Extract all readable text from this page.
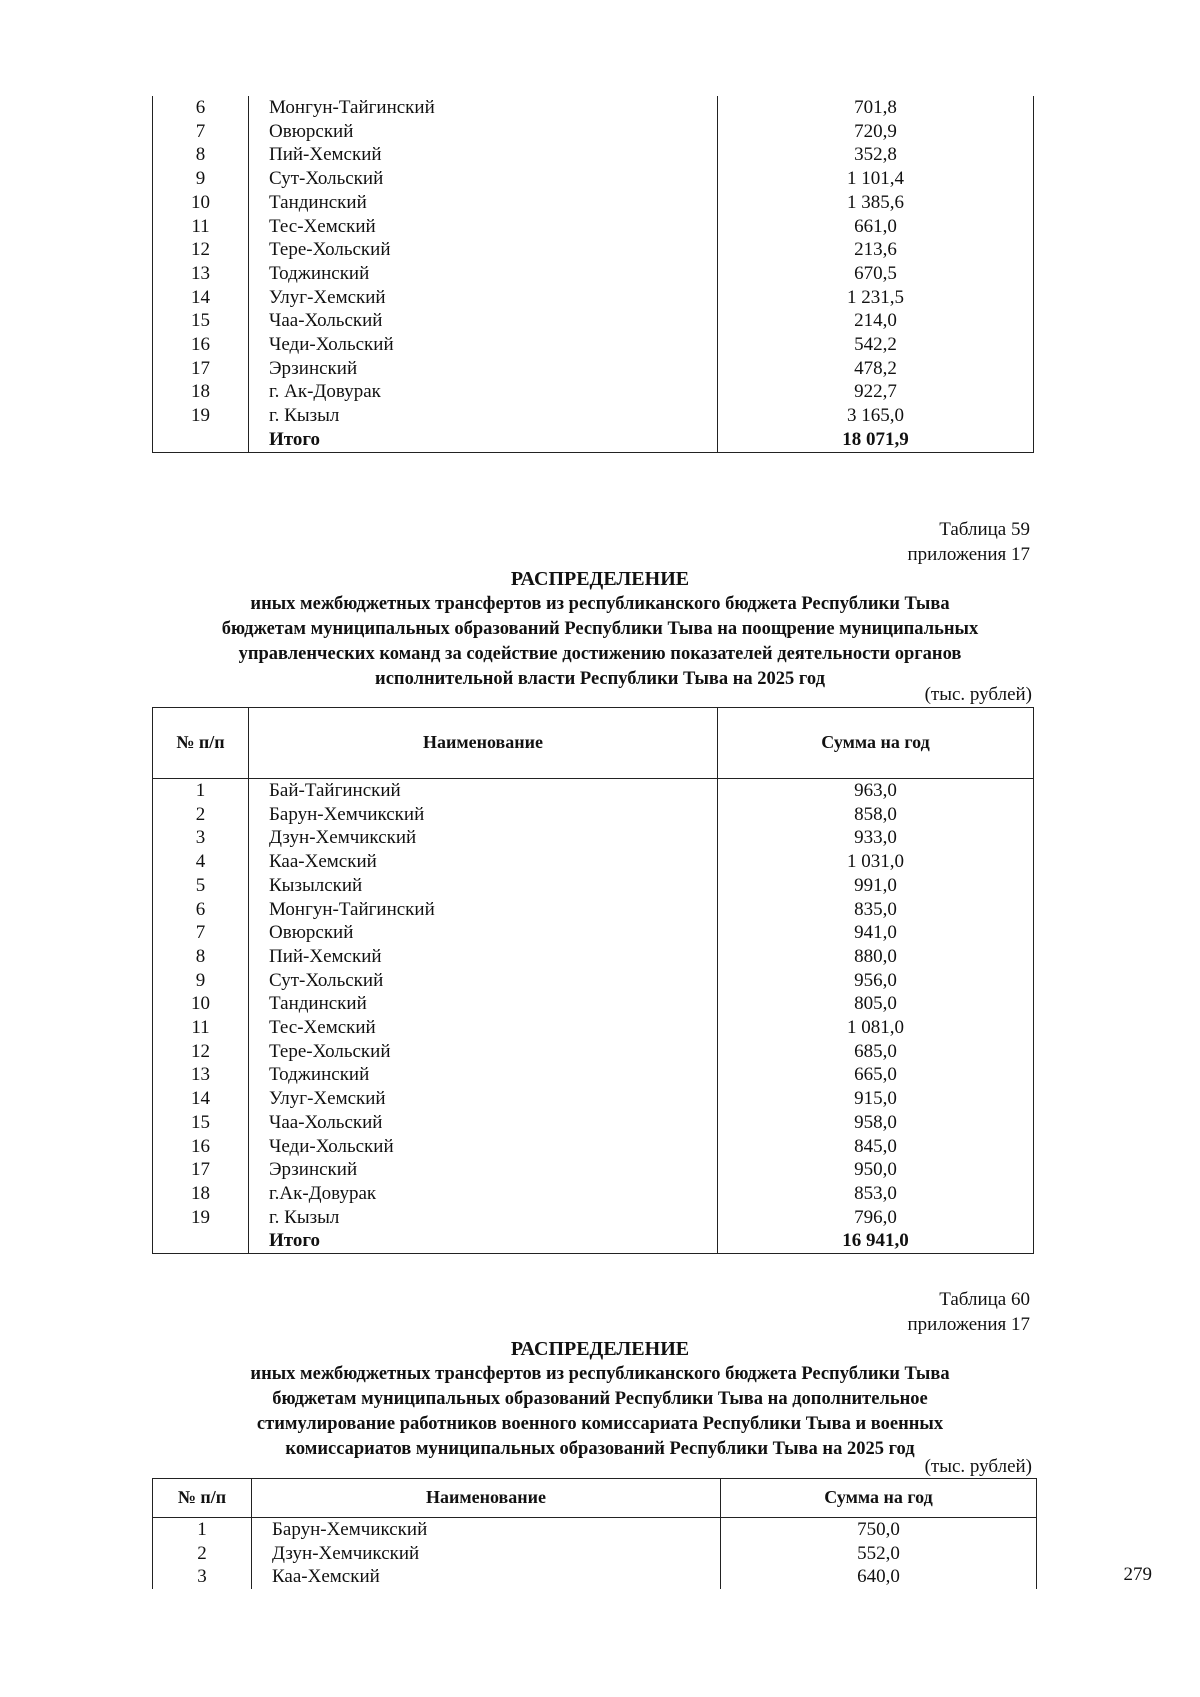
6	Монгун-Тайгинский	701,8
7	Овюрский	720,9
8	Пий-Хемский	352,8
9	Сут-Хольский	1 101,4
10	Тандинский	1 385,6
11	Тес-Хемский	661,0
12	Тере-Хольский	213,6
13	Тоджинский	670,5
14	Улуг-Хемский	1 231,5
15	Чаа-Хольский	214,0
16	Чеди-Хольский	542,2
17	Эрзинский	478,2
18	г. Ак-Довурак	922,7
19	г. Кызыл	3 165,0
	Итого	18 071,9
Таблица 59
приложения 17
РАСПРЕДЕЛЕНИЕ
иных межбюджетных трансфертов из республиканского бюджета Республики Тыва
бюджетам муниципальных образований Республики Тыва на поощрение муниципальных
управленческих команд за содействие достижению показателей деятельности органов
исполнительной власти Республики Тыва на 2025 год
(тыс. рублей)
№ п/п	Наименование	Сумма на год
1	Бай-Тайгинский	963,0
2	Барун-Хемчикский	858,0
3	Дзун-Хемчикский	933,0
4	Каа-Хемский	1 031,0
5	Кызылский	991,0
6	Монгун-Тайгинский	835,0
7	Овюрский	941,0
8	Пий-Хемский	880,0
9	Сут-Хольский	956,0
10	Тандинский	805,0
11	Тес-Хемский	1 081,0
12	Тере-Хольский	685,0
13	Тоджинский	665,0
14	Улуг-Хемский	915,0
15	Чаа-Хольский	958,0
16	Чеди-Хольский	845,0
17	Эрзинский	950,0
18	г.Ак-Довурак	853,0
19	г. Кызыл	796,0
	Итого	16 941,0
Таблица 60
приложения 17
РАСПРЕДЕЛЕНИЕ
иных межбюджетных трансфертов из республиканского бюджета Республики Тыва
бюджетам муниципальных образований Республики Тыва на дополнительное
стимулирование работников военного комиссариата Республики Тыва и военных
комиссариатов муниципальных образований Республики Тыва на 2025 год
(тыс. рублей)
№ п/п	Наименование	Сумма на год
1	Барун-Хемчикский	750,0
2	Дзун-Хемчикский	552,0
3	Каа-Хемский	640,0	279
